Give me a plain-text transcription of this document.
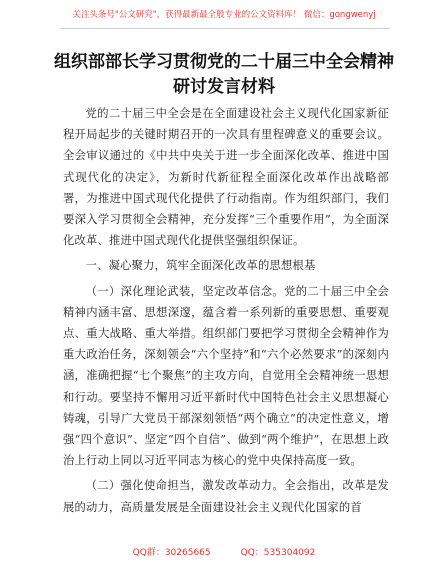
关注头条号"公文研究"，获得最新最全般专业的公文资料库！ 微信：gongwenyj
组织部部长学习贯彻党的二十届三中全会精神
研讨发言材料

党的二十届三中全会是在全面建设社会主义现代化国家新征程开局起步的关键时期召开的一次具有里程碑意义的重要会议。全会审议通过的《中共中央关于进一步全面深化改革、推进中国式现代化的决定》，为新时代新征程全面深化改革作出战略部署，为推进中国式现代化提供了行动指南。作为组织部门，我们要深入学习贯彻全会精神，充分发挥“三个重要作用”，为全面深化改革、推进中国式现代化提供坚强组织保证。

一、凝心聚力，筑牢全面深化改革的思想根基

（一）深化理论武装，坚定改革信念。党的二十届三中全会精神内涵丰富、思想深邃，蕴含着一系列新的重要思想、重要观点、重大战略、重大举措。组织部门要把学习贯彻全会精神作为重大政治任务，深刻领会“六个坚持”和“六个必然要求”的深刻内涵，准确把握“七个聚焦”的主攻方向，自觉用全会精神统一思想和行动。要坚持不懈用习近平新时代中国特色社会主义思想凝心铸魂，引导广大党员干部深刻领悟“两个确立”的决定性意义，增强“四个意识”、坚定“四个自信”、做到“两个维护”，在思想上政治上行动上同以习近平同志为核心的党中央保持高度一致。

（二）强化使命担当，激发改革动力。全会指出，改革是发展的动力，高质量发展是全面建设社会主义现代化国家的首

QQ群：30265665	QQ：535304092
